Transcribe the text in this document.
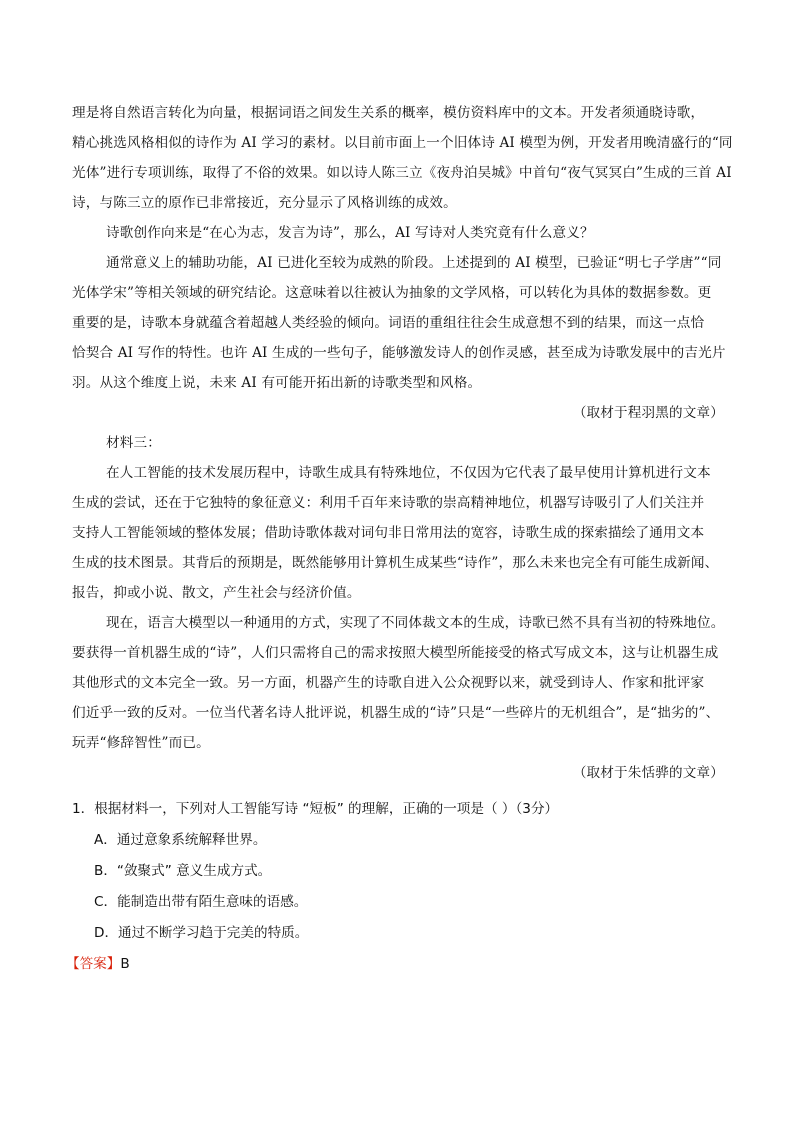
理是将自然语言转化为向量，根据词语之间发生关系的概率，模仿资料库中的文本。开发者须通晓诗歌，
精心挑选风格相似的诗作为 AI 学习的素材。以目前市面上一个旧体诗 AI 模型为例，开发者用晚清盛行的“同
光体”进行专项训练，取得了不俗的效果。如以诗人陈三立《夜舟泊吴城》中首句“夜气冥冥白”生成的三首 AI
诗，与陈三立的原作已非常接近，充分显示了风格训练的成效。
诗歌创作向来是“在心为志，发言为诗”，那么，AI 写诗对人类究竟有什么意义？
通常意义上的辅助功能，AI 已进化至较为成熟的阶段。上述提到的 AI 模型，已验证“明七子学唐”“同
光体学宋”等相关领域的研究结论。这意味着以往被认为抽象的文学风格，可以转化为具体的数据参数。更
重要的是，诗歌本身就蕴含着超越人类经验的倾向。词语的重组往往会生成意想不到的结果，而这一点恰
恰契合 AI 写作的特性。也许 AI 生成的一些句子，能够激发诗人的创作灵感，甚至成为诗歌发展中的吉光片
羽。从这个维度上说，未来 AI 有可能开拓出新的诗歌类型和风格。
（取材于程羽黑的文章）
材料三：
在人工智能的技术发展历程中，诗歌生成具有特殊地位，不仅因为它代表了最早使用计算机进行文本
生成的尝试，还在于它独特的象征意义：利用千百年来诗歌的崇高精神地位，机器写诗吸引了人们关注并
支持人工智能领域的整体发展；借助诗歌体裁对词句非日常用法的宽容，诗歌生成的探索描绘了通用文本
生成的技术图景。其背后的预期是，既然能够用计算机生成某些“诗作”，那么未来也完全有可能生成新闻、
报告，抑或小说、散文，产生社会与经济价值。
现在，语言大模型以一种通用的方式，实现了不同体裁文本的生成，诗歌已然不具有当初的特殊地位。
要获得一首机器生成的“诗”，人们只需将自己的需求按照大模型所能接受的格式写成文本，这与让机器生成
其他形式的文本完全一致。另一方面，机器产生的诗歌自进入公众视野以来，就受到诗人、作家和批评家
们近乎一致的反对。一位当代著名诗人批评说，机器生成的“诗”只是“一些碎片的无机组合”，是“拙劣的”、
玩弄“修辞智性”而已。
（取材于朱恬骅的文章）
1．根据材料一，下列对人工智能写诗 “短板” 的理解，正确的一项是（ ）（3分）
A．通过意象系统解释世界。
B．“敛聚式” 意义生成方式。
C．能制造出带有陌生意味的语感。
D．通过不断学习趋于完美的特质。
【答案】B
